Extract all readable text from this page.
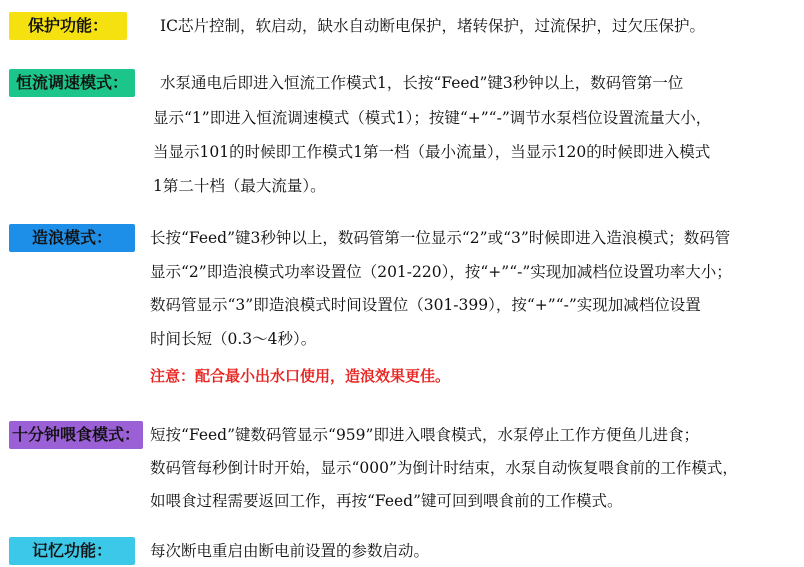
保护功能：	IC芯片控制，软启动，缺水自动断电保护，堵转保护，过流保护，过欠压保护。
恒流调速模式：	水泵通电后即进入恒流工作模式1，长按“Feed”键3秒钟以上，数码管第一位
显示“1”即进入恒流调速模式（模式1）；按键“+”“-”调节水泵档位设置流量大小，
当显示101的时候即工作模式1第一档（最小流量），当显示120的时候即进入模式
1第二十档（最大流量）。
造浪模式：	长按“Feed”键3秒钟以上，数码管第一位显示“2”或“3”时候即进入造浪模式；数码管
显示“2”即造浪模式功率设置位（201-220），按“+”“-”实现加减档位设置功率大小；
数码管显示“3”即造浪模式时间设置位（301-399），按“+”“-”实现加减档位设置
时间长短（0.3～4秒）。
注意：配合最小出水口使用，造浪效果更佳。
十分钟喂食模式： 短按“Feed”键数码管显示“959”即进入喂食模式，水泵停止工作方便鱼儿进食；
数码管每秒倒计时开始，显示“000”为倒计时结束，水泵自动恢复喂食前的工作模式，
如喂食过程需要返回工作，再按“Feed”键可回到喂食前的工作模式。
记忆功能：	每次断电重启由断电前设置的参数启动。
